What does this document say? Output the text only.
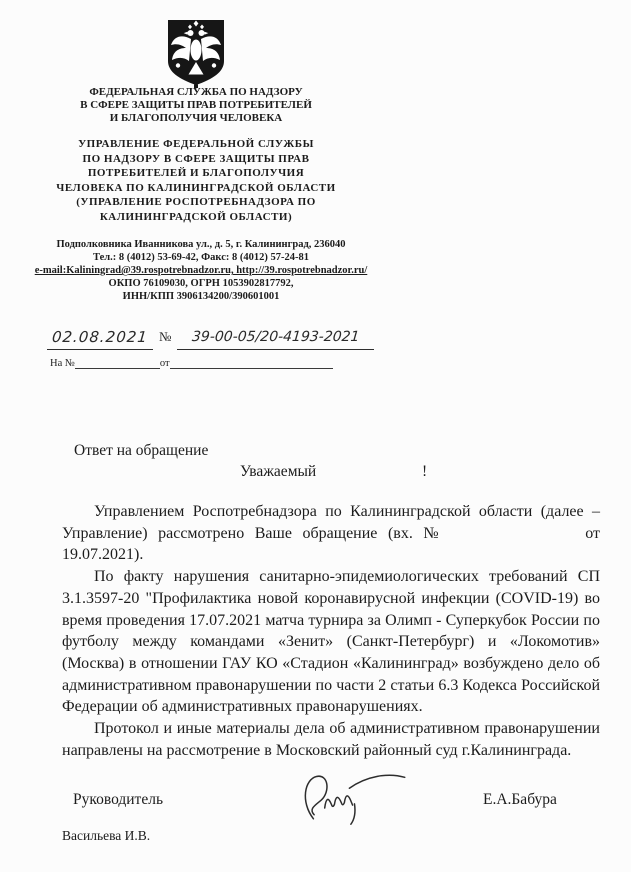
ФЕДЕРАЛЬНАЯ СЛУЖБА ПО НАДЗОРУ
В СФЕРЕ ЗАЩИТЫ ПРАВ ПОТРЕБИТЕЛЕЙ
И БЛАГОПОЛУЧИЯ ЧЕЛОВЕКА
УПРАВЛЕНИЕ ФЕДЕРАЛЬНОЙ СЛУЖБЫ
ПО НАДЗОРУ В СФЕРЕ ЗАЩИТЫ ПРАВ
ПОТРЕБИТЕЛЕЙ И БЛАГОПОЛУЧИЯ
ЧЕЛОВЕКА ПО КАЛИНИНГРАДСКОЙ ОБЛАСТИ
(УПРАВЛЕНИЕ РОСПОТРЕБНАДЗОРА ПО
КАЛИНИНГРАДСКОЙ ОБЛАСТИ)
Подполковника Иванникова ул., д. 5, г. Калининград, 236040
Тел.: 8 (4012) 53-69-42, Факс: 8 (4012) 57-24-81
e-mail:Kaliningrad@39.rospotrebnadzor.ru, http://39.rospotrebnadzor.ru/
ОКПО 76109030, ОГРН 1053902817792,
ИНН/КПП 3906134200/390601001
02.08.2021 № 39-00-05/20-4193-2021
На №	от
Ответ на обращение
Уважаемый	!

Управлением Роспотребнадзора по Калининградской области (далее – Управление) рассмотрено Ваше обращение (вх. №	от 19.07.2021).

По факту нарушения санитарно-эпидемиологических требований СП 3.1.3597-20 "Профилактика новой коронавирусной инфекции (COVID-19) во время проведения 17.07.2021 матча турнира за Олимп - Суперкубок России по футболу между командами «Зенит» (Санкт-Петербург) и «Локомотив» (Москва) в отношении ГАУ КО «Стадион «Калининград» возбуждено дело об административном правонарушении по части 2 статьи 6.3 Кодекса Российской Федерации об административных правонарушениях.

Протокол и иные материалы дела об административном правонарушении направлены на рассмотрение в Московский районный суд г.Калининграда.

Руководитель	Е.А.Бабура
Васильева И.В.
